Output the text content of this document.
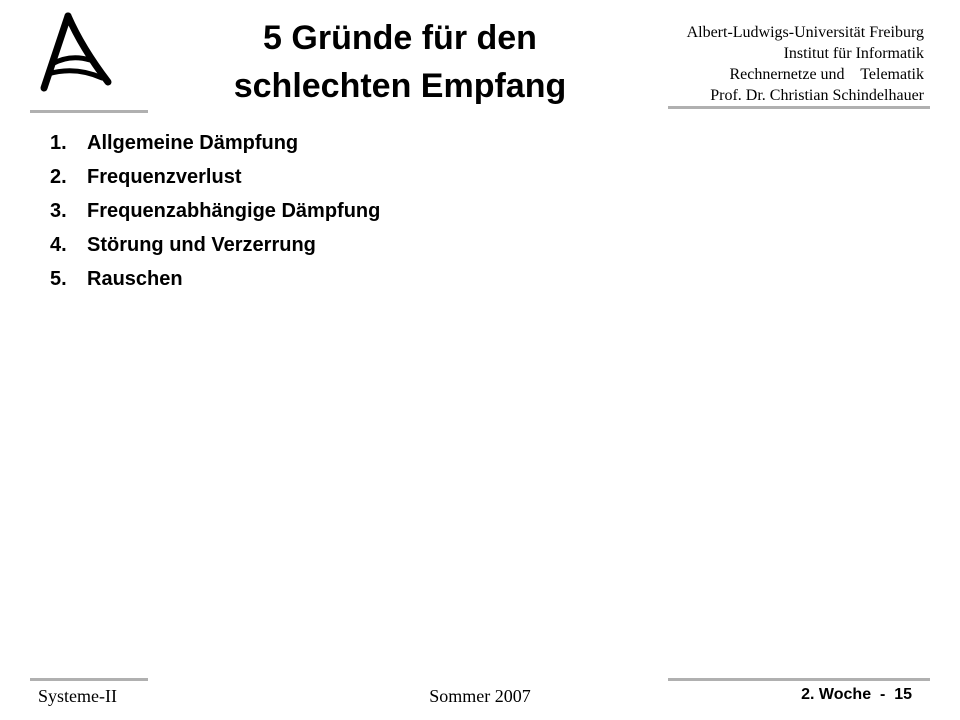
5 Gründe für den
schlechten Empfang
Albert-Ludwigs-Universität Freiburg
Institut für Informatik
Rechnernetze und    Telematik
Prof. Dr. Christian Schindelhauer
1.	Allgemeine Dämpfung
2.	Frequenzverlust
3.	Frequenzabhängige Dämpfung
4.	Störung und Verzerrung
5.	Rauschen
Systeme-II	Sommer 2007	2. Woche  -  15
